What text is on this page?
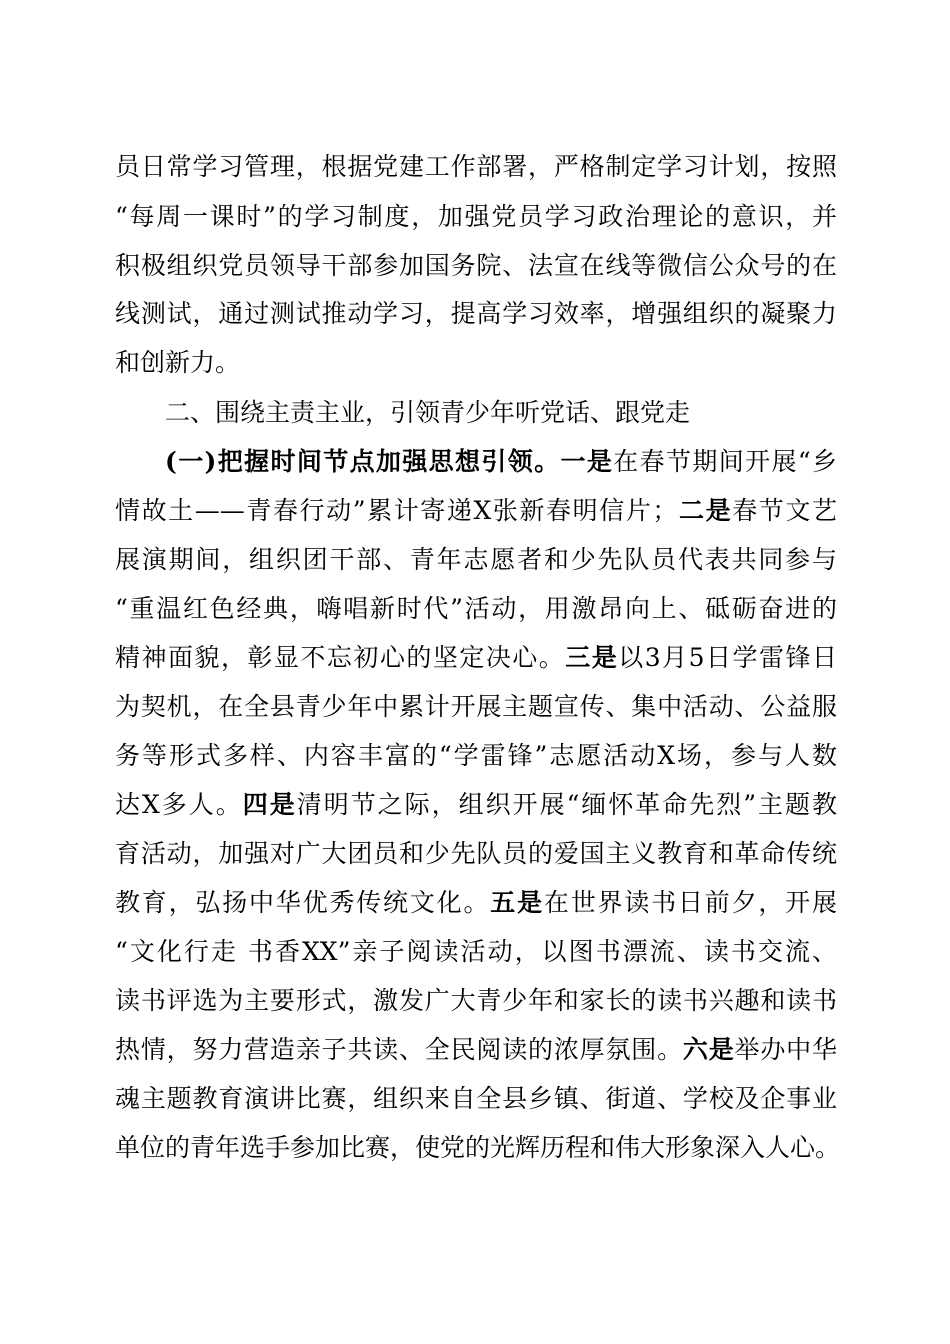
员日常学习管理，根据党建工作部署，严格制定学习计划，按照
“每周一课时”的学习制度，加强党员学习政治理论的意识，并
积极组织党员领导干部参加国务院、法宣在线等微信公众号的在
线测试，通过测试推动学习，提高学习效率，增强组织的凝聚力
和创新力。
二、围绕主责主业，引领青少年听党话、跟党走
(一)把握时间节点加强思想引领。一是在春节期间开展“乡
情故土——青春行动”累计寄递X张新春明信片；二是春节文艺
展演期间，组织团干部、青年志愿者和少先队员代表共同参与
“重温红色经典，嗨唱新时代”活动，用激昂向上、砥砺奋进的
精神面貌，彰显不忘初心的坚定决心。三是以3月5日学雷锋日
为契机，在全县青少年中累计开展主题宣传、集中活动、公益服
务等形式多样、内容丰富的“学雷锋”志愿活动X场，参与人数
达X多人。四是清明节之际，组织开展“缅怀革命先烈”主题教
育活动，加强对广大团员和少先队员的爱国主义教育和革命传统
教育，弘扬中华优秀传统文化。五是在世界读书日前夕，开展
“文化行走 书香XX”亲子阅读活动，以图书漂流、读书交流、
读书评选为主要形式，激发广大青少年和家长的读书兴趣和读书
热情，努力营造亲子共读、全民阅读的浓厚氛围。六是举办中华
魂主题教育演讲比赛，组织来自全县乡镇、街道、学校及企事业
单位的青年选手参加比赛，使党的光辉历程和伟大形象深入人心。
